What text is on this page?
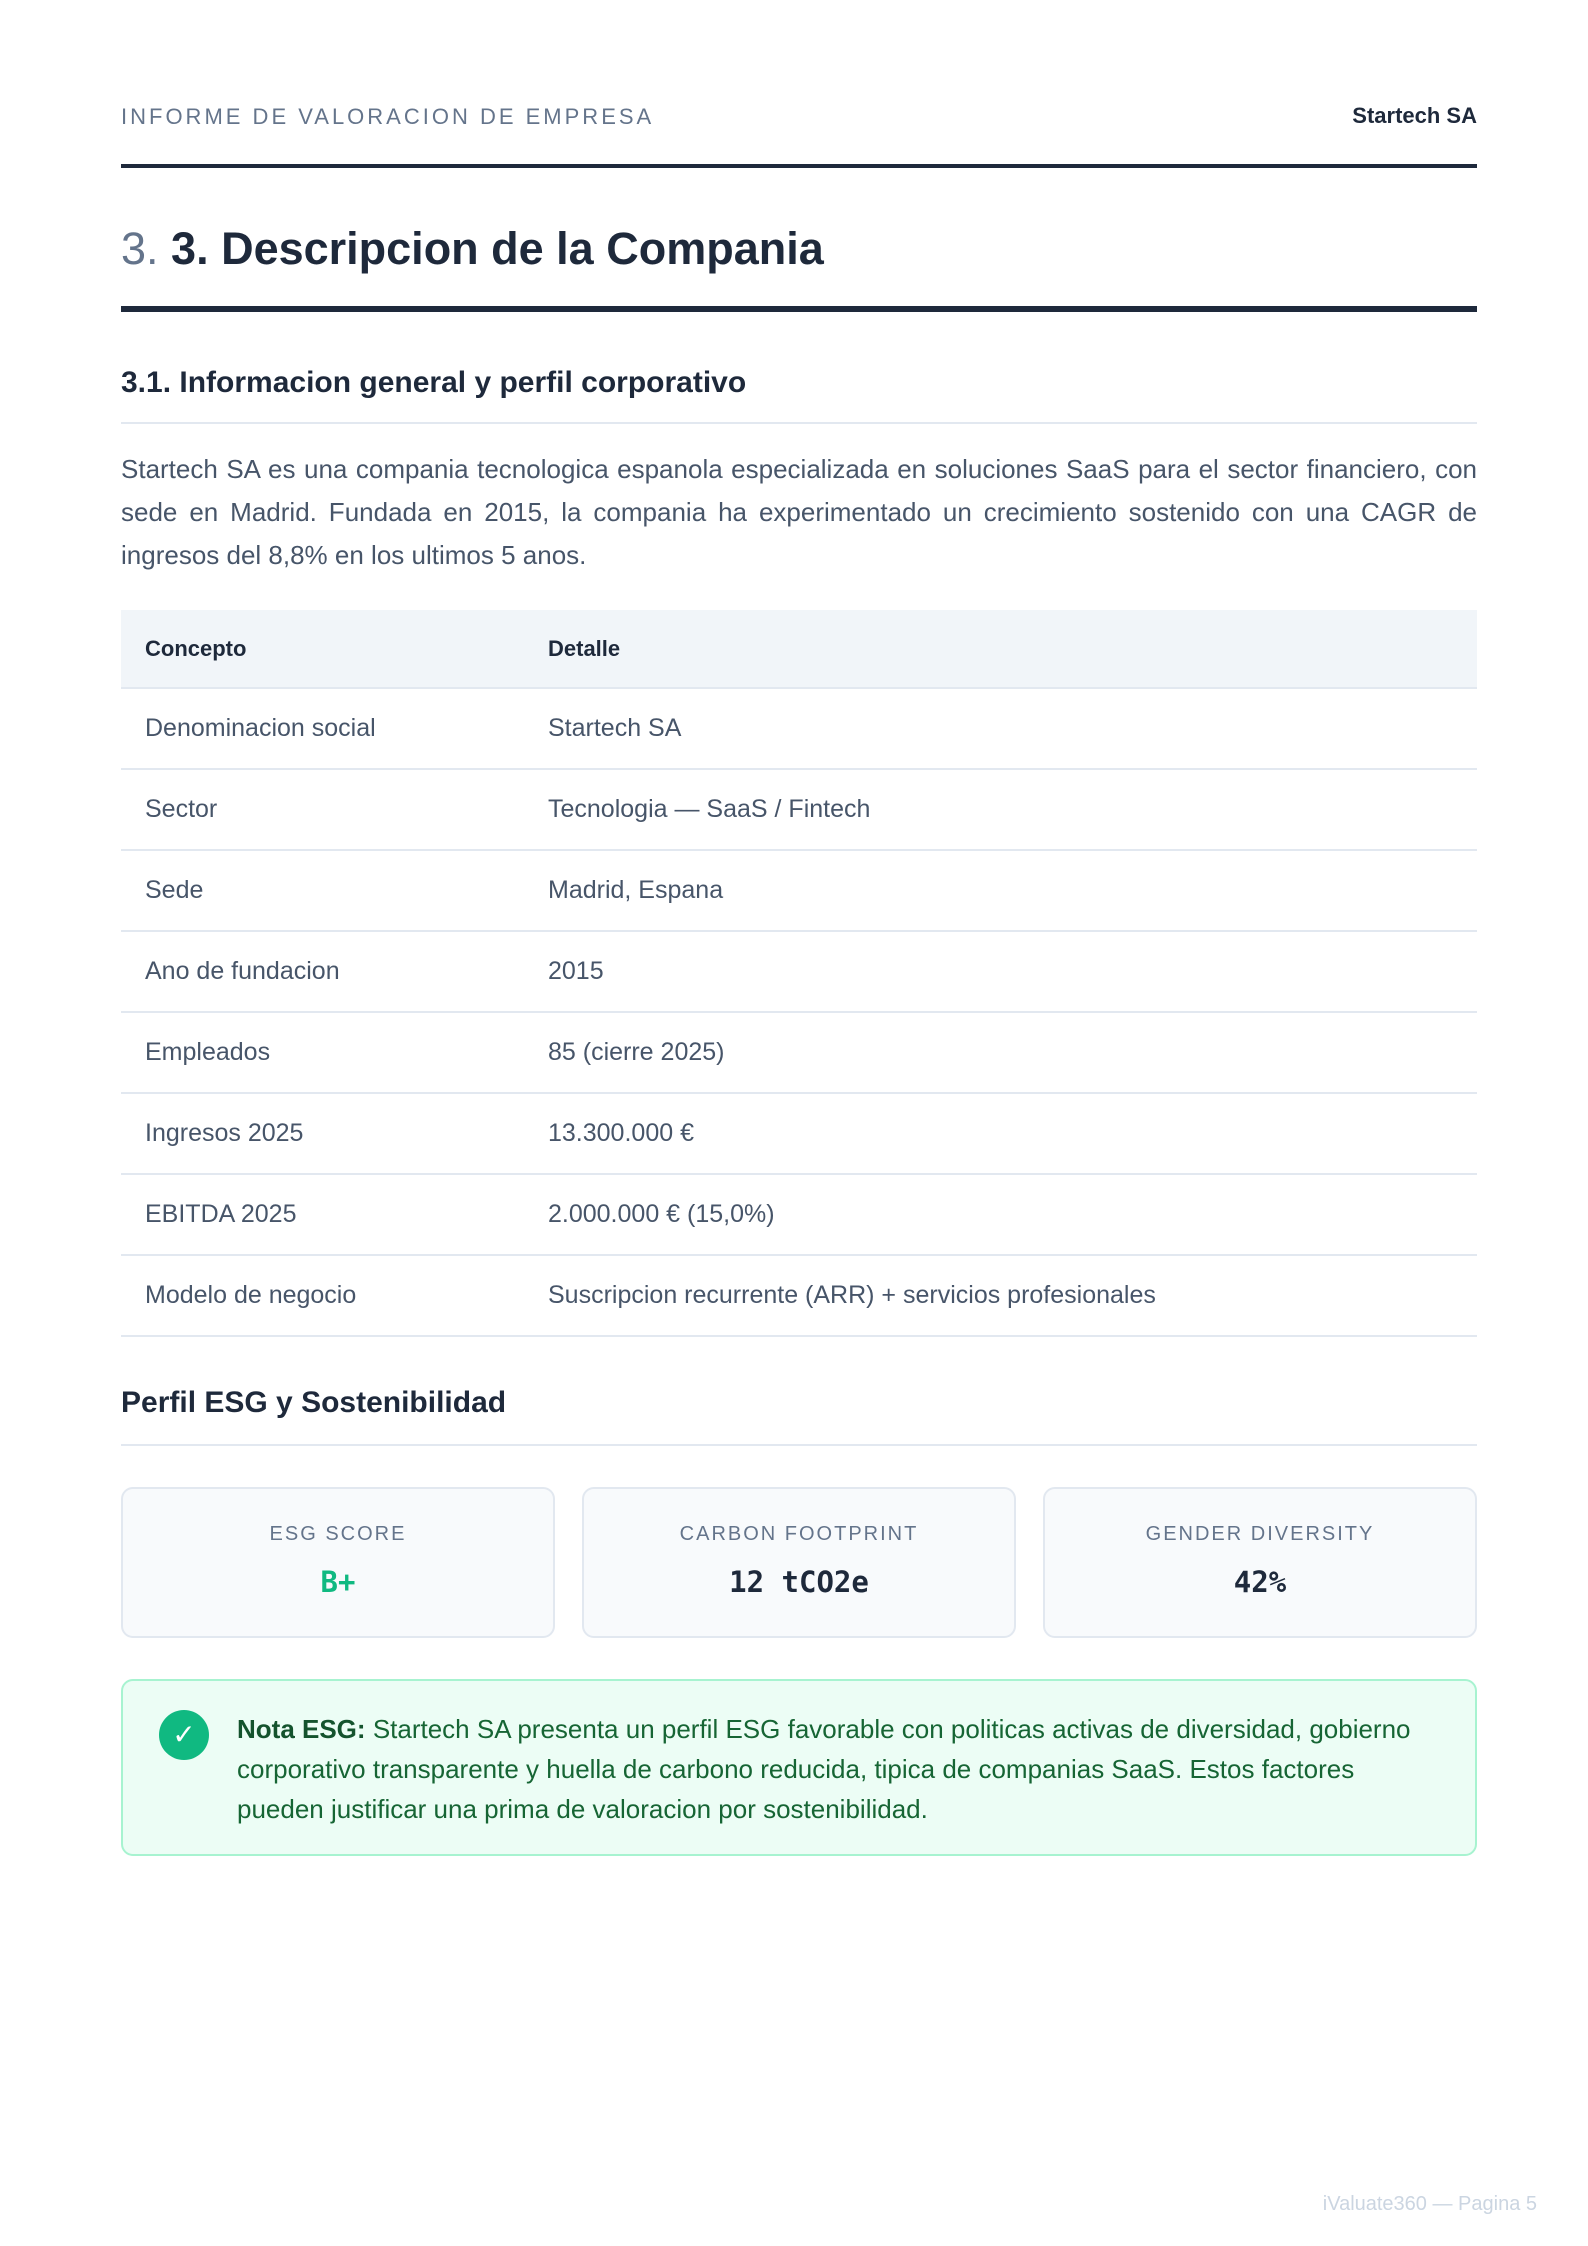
INFORME DE VALORACION DE EMPRESA	Startech SA
3. 3. Descripcion de la Compania
3.1. Informacion general y perfil corporativo

Startech SA es una compania tecnologica espanola especializada en soluciones SaaS para el sector financiero, con sede en Madrid. Fundada en 2015, la compania ha experimentado un crecimiento sostenido con una CAGR de ingresos del 8,8% en los ultimos 5 anos.

Concepto	Detalle
Denominacion social	Startech SA
Sector	Tecnologia — SaaS / Fintech
Sede	Madrid, Espana
Ano de fundacion	2015
Empleados	85 (cierre 2025)
Ingresos 2025	13.300.000 €
EBITDA 2025	2.000.000 € (15,0%)
Modelo de negocio	Suscripcion recurrente (ARR) + servicios profesionales
Perfil ESG y Sostenibilidad
ESG SCORE
B+
CARBON FOOTPRINT
12 tCO2e
GENDER DIVERSITY
42%
✓	Nota ESG: Startech SA presenta un perfil ESG favorable con politicas activas de diversidad, gobierno corporativo transparente y huella de carbono reducida, tipica de companias SaaS. Estos factores pueden justificar una prima de valoracion por sostenibilidad.

iValuate360 — Pagina 5
